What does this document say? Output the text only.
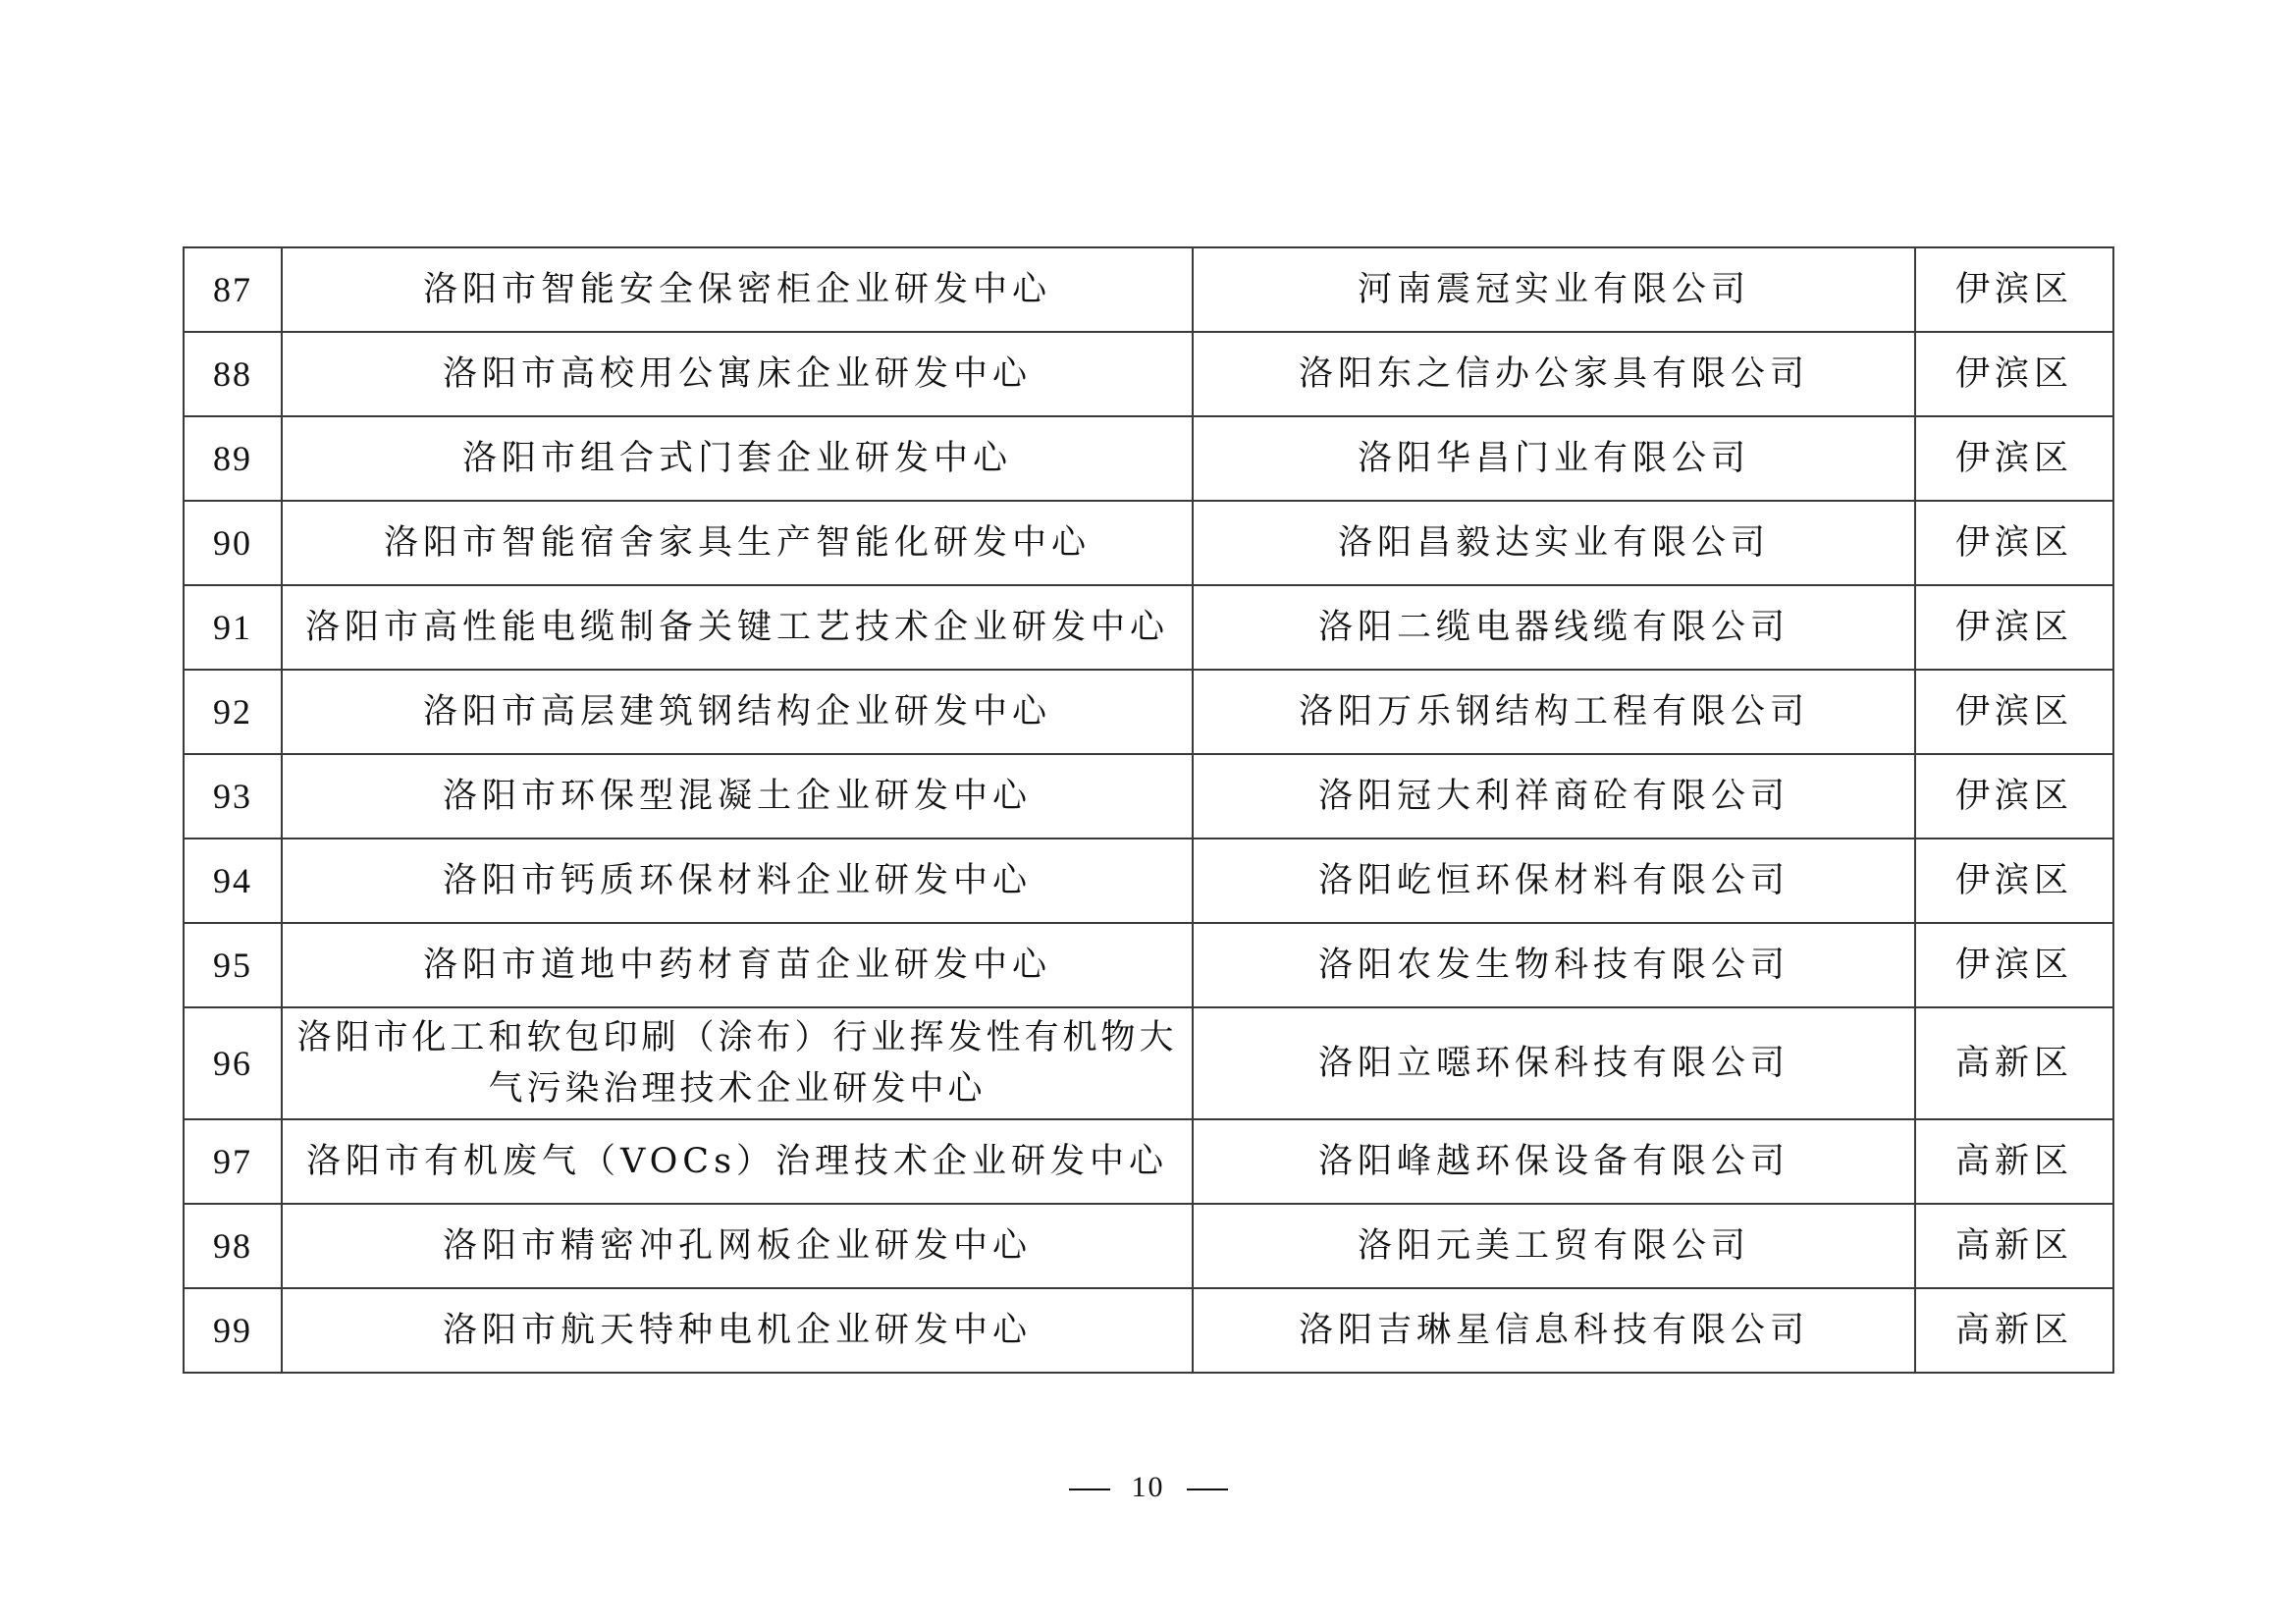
87	洛阳市智能安全保密柜企业研发中心	河南震冠实业有限公司	伊滨区
88	洛阳市高校用公寓床企业研发中心	洛阳东之信办公家具有限公司	伊滨区
89	洛阳市组合式门套企业研发中心	洛阳华昌门业有限公司	伊滨区
90	洛阳市智能宿舍家具生产智能化研发中心	洛阳昌毅达实业有限公司	伊滨区
91	洛阳市高性能电缆制备关键工艺技术企业研发中心	洛阳二缆电器线缆有限公司	伊滨区
92	洛阳市高层建筑钢结构企业研发中心	洛阳万乐钢结构工程有限公司	伊滨区
93	洛阳市环保型混凝土企业研发中心	洛阳冠大利祥商砼有限公司	伊滨区
94	洛阳市钙质环保材料企业研发中心	洛阳屹恒环保材料有限公司	伊滨区
95	洛阳市道地中药材育苗企业研发中心	洛阳农发生物科技有限公司	伊滨区
96	洛阳市化工和软包印刷（涂布）行业挥发性有机物大气污染治理技术企业研发中心	洛阳立噁环保科技有限公司	高新区
97	洛阳市有机废气（VOCs）治理技术企业研发中心	洛阳峰越环保设备有限公司	高新区
98	洛阳市精密冲孔网板企业研发中心	洛阳元美工贸有限公司	高新区
99	洛阳市航天特种电机企业研发中心	洛阳吉琳星信息科技有限公司	高新区
10
